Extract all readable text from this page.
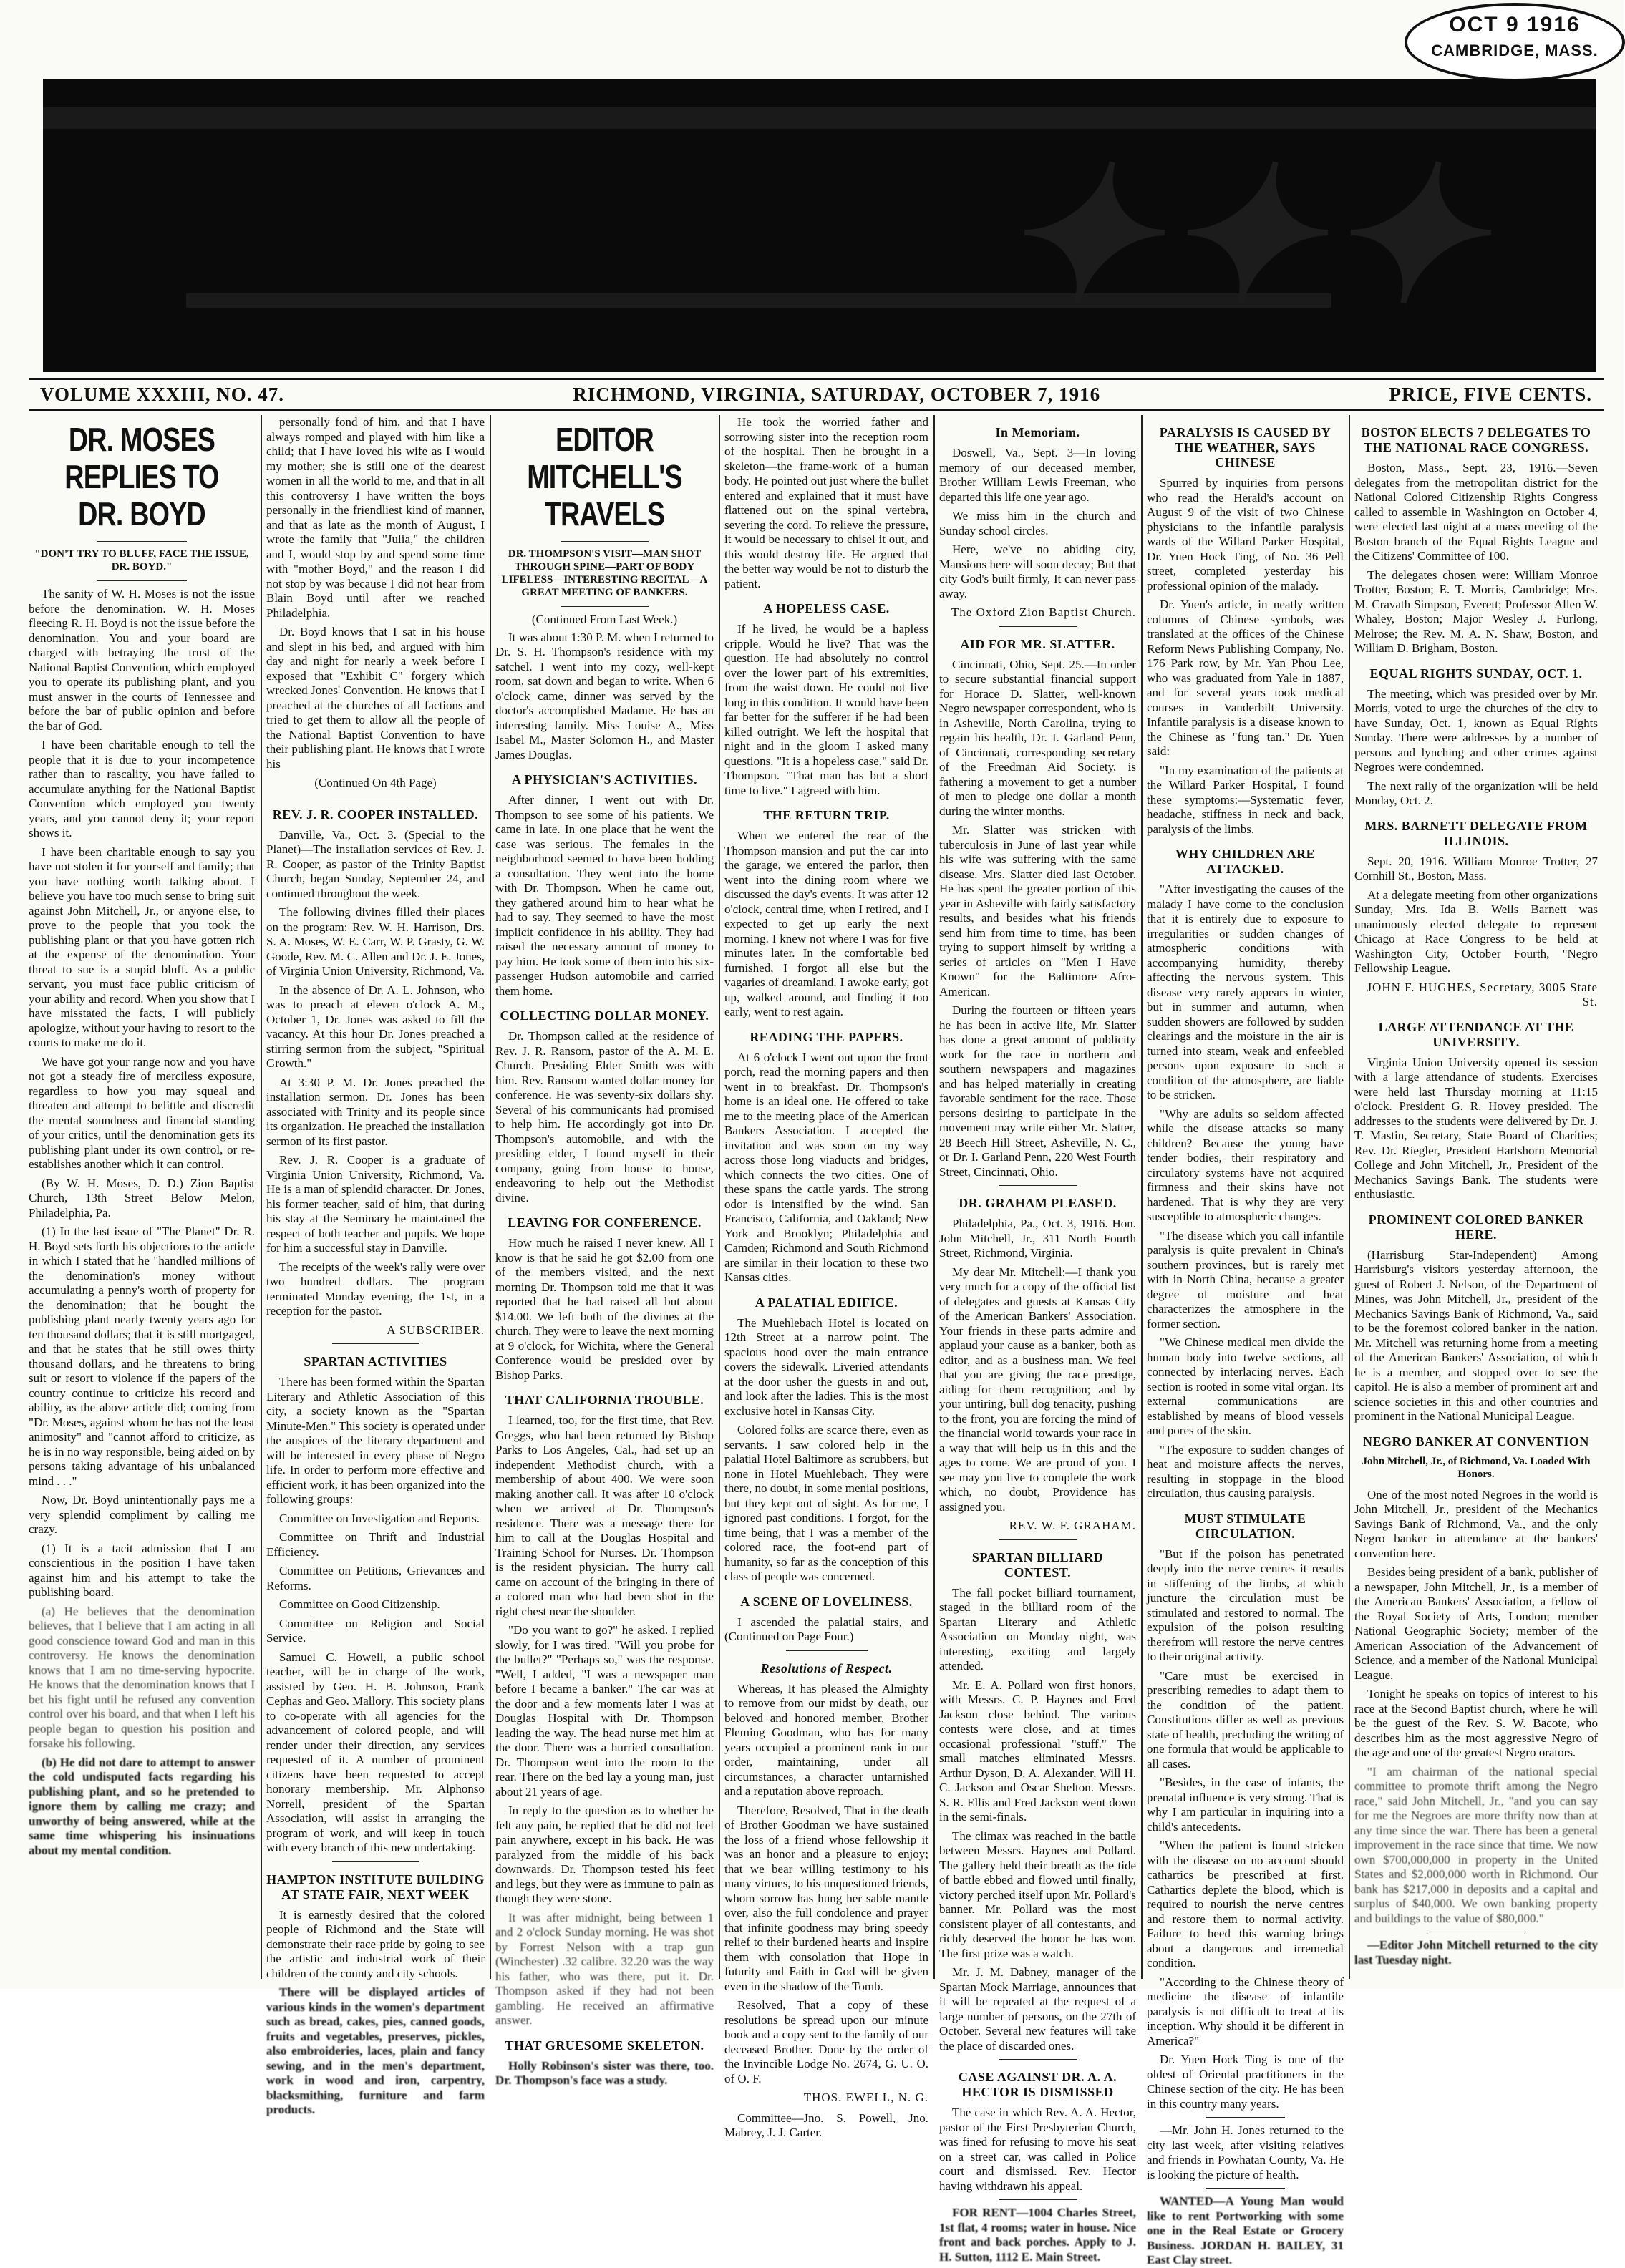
OCT 9 1916
CAMBRIDGE, MASS.
✦✦✦
VOLUME XXXIII, NO. 47.	RICHMOND, VIRGINIA, SATURDAY, OCTOBER 7, 1916	PRICE, FIVE CENTS.
DR. MOSES REPLIES TO DR. BOYD
"DON'T TRY TO BLUFF, FACE THE ISSUE, DR. BOYD."

The sanity of W. H. Moses is not the issue before the denomination. W. H. Moses fleecing R. H. Boyd is not the issue before the denomination. You and your board are charged with betraying the trust of the National Baptist Convention, which employed you to operate its publishing plant, and you must answer in the courts of Tennessee and before the bar of public opinion and before the bar of God.

I have been charitable enough to tell the people that it is due to your incompetence rather than to rascality, you have failed to accumulate anything for the National Baptist Convention which employed you twenty years, and you cannot deny it; your report shows it.

I have been charitable enough to say you have not stolen it for yourself and family; that you have nothing worth talking about. I believe you have too much sense to bring suit against John Mitchell, Jr., or anyone else, to prove to the people that you took the publishing plant or that you have gotten rich at the expense of the denomination. Your threat to sue is a stupid bluff. As a public servant, you must face public criticism of your ability and record. When you show that I have misstated the facts, I will publicly apologize, without your having to resort to the courts to make me do it.

We have got your range now and you have not got a steady fire of merciless exposure, regardless to how you may squeal and threaten and attempt to belittle and discredit the mental soundness and financial standing of your critics, until the denomination gets its publishing plant under its own control, or re-establishes another which it can control.

(By W. H. Moses, D. D.) Zion Baptist Church, 13th Street Below Melon, Philadelphia, Pa.

(1) In the last issue of "The Planet" Dr. R. H. Boyd sets forth his objections to the article in which I stated that he "handled millions of the denomination's money without accumulating a penny's worth of property for the denomination; that he bought the publishing plant nearly twenty years ago for ten thousand dollars; that it is still mortgaged, and that he states that he still owes thirty thousand dollars, and he threatens to bring suit or resort to violence if the papers of the country continue to criticize his record and ability, as the above article did; coming from "Dr. Moses, against whom he has not the least animosity" and "cannot afford to criticize, as he is in no way responsible, being aided on by persons taking advantage of his unbalanced mind . . ."

Now, Dr. Boyd unintentionally pays me a very splendid compliment by calling me crazy.

(1) It is a tacit admission that I am conscientious in the position I have taken against him and his attempt to take the publishing board.

(a) He believes that the denomination believes, that I believe that I am acting in all good conscience toward God and man in this controversy. He knows the denomination knows that I am no time-serving hypocrite. He knows that the denomination knows that I bet his fight until he refused any convention control over his board, and that when I left his people began to question his position and forsake his following.

(b) He did not dare to attempt to answer the cold undisputed facts regarding his publishing plant, and so he pretended to ignore them by calling me crazy; and unworthy of being answered, while at the same time whispering his insinuations about my mental condition.

personally fond of him, and that I have always romped and played with him like a child; that I have loved his wife as I would my mother; she is still one of the dearest women in all the world to me, and that in all this controversy I have written the boys personally in the friendliest kind of manner, and that as late as the month of August, I wrote the family that "Julia," the children and I, would stop by and spend some time with "mother Boyd," and the reason I did not stop by was because I did not hear from Blain Boyd until after we reached Philadelphia.

Dr. Boyd knows that I sat in his house and slept in his bed, and argued with him day and night for nearly a week before I exposed that "Exhibit C" forgery which wrecked Jones' Convention. He knows that I preached at the churches of all factions and tried to get them to allow all the people of the National Baptist Convention to have their publishing plant. He knows that I wrote his

(Continued On 4th Page)
REV. J. R. COOPER INSTALLED.

Danville, Va., Oct. 3. (Special to the Planet)—The installation services of Rev. J. R. Cooper, as pastor of the Trinity Baptist Church, began Sunday, September 24, and continued throughout the week.

The following divines filled their places on the program: Rev. W. H. Harrison, Drs. S. A. Moses, W. E. Carr, W. P. Grasty, G. W. Goode, Rev. M. C. Allen and Dr. J. E. Jones, of Virginia Union University, Richmond, Va.

In the absence of Dr. A. L. Johnson, who was to preach at eleven o'clock A. M., October 1, Dr. Jones was asked to fill the vacancy. At this hour Dr. Jones preached a stirring sermon from the subject, "Spiritual Growth."

At 3:30 P. M. Dr. Jones preached the installation sermon. Dr. Jones has been associated with Trinity and its people since its organization. He preached the installation sermon of its first pastor.

Rev. J. R. Cooper is a graduate of Virginia Union University, Richmond, Va. He is a man of splendid character. Dr. Jones, his former teacher, said of him, that during his stay at the Seminary he maintained the respect of both teacher and pupils. We hope for him a successful stay in Danville.

The receipts of the week's rally were over two hundred dollars. The program terminated Monday evening, the 1st, in a reception for the pastor.

A SUBSCRIBER.
SPARTAN ACTIVITIES

There has been formed within the Spartan Literary and Athletic Association of this city, a society known as the "Spartan Minute-Men." This society is operated under the auspices of the literary department and will be interested in every phase of Negro life. In order to perform more effective and efficient work, it has been organized into the following groups:

Committee on Investigation and Reports.

Committee on Thrift and Industrial Efficiency.

Committee on Petitions, Grievances and Reforms.

Committee on Good Citizenship.

Committee on Religion and Social Service.

Samuel C. Howell, a public school teacher, will be in charge of the work, assisted by Geo. H. B. Johnson, Frank Cephas and Geo. Mallory. This society plans to co-operate with all agencies for the advancement of colored people, and will render under their direction, any services requested of it. A number of prominent citizens have been requested to accept honorary membership. Mr. Alphonso Norrell, president of the Spartan Association, will assist in arranging the program of work, and will keep in touch with every branch of this new undertaking.

HAMPTON INSTITUTE BUILDING AT STATE FAIR, NEXT WEEK

It is earnestly desired that the colored people of Richmond and the State will demonstrate their race pride by going to see the artistic and industrial work of their children of the county and city schools.

There will be displayed articles of various kinds in the women's department such as bread, cakes, pies, canned goods, fruits and vegetables, preserves, pickles, also embroideries, laces, plain and fancy sewing, and in the men's department, work in wood and iron, carpentry, blacksmithing, furniture and farm products.

EDITOR MITCHELL'S TRAVELS
DR. THOMPSON'S VISIT—MAN SHOT THROUGH SPINE—PART OF BODY LIFELESS—INTERESTING RECITAL—A GREAT MEETING OF BANKERS.
(Continued From Last Week.)

It was about 1:30 P. M. when I returned to Dr. S. H. Thompson's residence with my satchel. I went into my cozy, well-kept room, sat down and began to write. When 6 o'clock came, dinner was served by the doctor's accomplished Madame. He has an interesting family. Miss Louise A., Miss Isabel M., Master Solomon H., and Master James Douglas.

A PHYSICIAN'S ACTIVITIES.

After dinner, I went out with Dr. Thompson to see some of his patients. We came in late. In one place that he went the case was serious. The females in the neighborhood seemed to have been holding a consultation. They went into the home with Dr. Thompson. When he came out, they gathered around him to hear what he had to say. They seemed to have the most implicit confidence in his ability. They had raised the necessary amount of money to pay him. He took some of them into his six-passenger Hudson automobile and carried them home.

COLLECTING DOLLAR MONEY.

Dr. Thompson called at the residence of Rev. J. R. Ransom, pastor of the A. M. E. Church. Presiding Elder Smith was with him. Rev. Ransom wanted dollar money for conference. He was seventy-six dollars shy. Several of his communicants had promised to help him. He accordingly got into Dr. Thompson's automobile, and with the presiding elder, I found myself in their company, going from house to house, endeavoring to help out the Methodist divine.

LEAVING FOR CONFERENCE.

How much he raised I never knew. All I know is that he said he got $2.00 from one of the members visited, and the next morning Dr. Thompson told me that it was reported that he had raised all but about $14.00. We left both of the divines at the church. They were to leave the next morning at 9 o'clock, for Wichita, where the General Conference would be presided over by Bishop Parks.

THAT CALIFORNIA TROUBLE.

I learned, too, for the first time, that Rev. Greggs, who had been returned by Bishop Parks to Los Angeles, Cal., had set up an independent Methodist church, with a membership of about 400. We were soon making another call. It was after 10 o'clock when we arrived at Dr. Thompson's residence. There was a message there for him to call at the Douglas Hospital and Training School for Nurses. Dr. Thompson is the resident physician. The hurry call came on account of the bringing in there of a colored man who had been shot in the right chest near the shoulder.

"Do you want to go?" he asked. I replied slowly, for I was tired. "Will you probe for the bullet?" "Perhaps so," was the response. "Well, I added, "I was a newspaper man before I became a banker." The car was at the door and a few moments later I was at Douglas Hospital with Dr. Thompson leading the way. The head nurse met him at the door. There was a hurried consultation. Dr. Thompson went into the room to the rear. There on the bed lay a young man, just about 21 years of age.

In reply to the question as to whether he felt any pain, he replied that he did not feel pain anywhere, except in his back. He was paralyzed from the middle of his back downwards. Dr. Thompson tested his feet and legs, but they were as immune to pain as though they were stone.

It was after midnight, being between 1 and 2 o'clock Sunday morning. He was shot by Forrest Nelson with a trap gun (Winchester) .32 calibre. 32.20 was the way his father, who was there, put it. Dr. Thompson asked if they had not been gambling. He received an affirmative answer.

THAT GRUESOME SKELETON.

Holly Robinson's sister was there, too. Dr. Thompson's face was a study.

He took the worried father and sorrowing sister into the reception room of the hospital. Then he brought in a skeleton—the frame-work of a human body. He pointed out just where the bullet entered and explained that it must have flattened out on the spinal vertebra, severing the cord. To relieve the pressure, it would be necessary to chisel it out, and this would destroy life. He argued that the better way would be not to disturb the patient.

A HOPELESS CASE.

If he lived, he would be a hapless cripple. Would he live? That was the question. He had absolutely no control over the lower part of his extremities, from the waist down. He could not live long in this condition. It would have been far better for the sufferer if he had been killed outright. We left the hospital that night and in the gloom I asked many questions. "It is a hopeless case," said Dr. Thompson. "That man has but a short time to live." I agreed with him.

THE RETURN TRIP.

When we entered the rear of the Thompson mansion and put the car into the garage, we entered the parlor, then went into the dining room where we discussed the day's events. It was after 12 o'clock, central time, when I retired, and I expected to get up early the next morning. I knew not where I was for five minutes later. In the comfortable bed furnished, I forgot all else but the vagaries of dreamland. I awoke early, got up, walked around, and finding it too early, went to rest again.

READING THE PAPERS.

At 6 o'clock I went out upon the front porch, read the morning papers and then went in to breakfast. Dr. Thompson's home is an ideal one. He offered to take me to the meeting place of the American Bankers Association. I accepted the invitation and was soon on my way across those long viaducts and bridges, which connects the two cities. One of these spans the cattle yards. The strong odor is intensified by the wind. San Francisco, California, and Oakland; New York and Brooklyn; Philadelphia and Camden; Richmond and South Richmond are similar in their location to these two Kansas cities.

A PALATIAL EDIFICE.

The Muehlebach Hotel is located on 12th Street at a narrow point. The spacious hood over the main entrance covers the sidewalk. Liveried attendants at the door usher the guests in and out, and look after the ladies. This is the most exclusive hotel in Kansas City.

Colored folks are scarce there, even as servants. I saw colored help in the palatial Hotel Baltimore as scrubbers, but none in Hotel Muehlebach. They were there, no doubt, in some menial positions, but they kept out of sight. As for me, I ignored past conditions. I forgot, for the time being, that I was a member of the colored race, the foot-end part of humanity, so far as the conception of this class of people was concerned.

A SCENE OF LOVELINESS.

I ascended the palatial stairs, and (Continued on Page Four.)

Resolutions of Respect.

Whereas, It has pleased the Almighty to remove from our midst by death, our beloved and honored member, Brother Fleming Goodman, who has for many years occupied a prominent rank in our order, maintaining, under all circumstances, a character untarnished and a reputation above reproach.

Therefore, Resolved, That in the death of Brother Goodman we have sustained the loss of a friend whose fellowship it was an honor and a pleasure to enjoy; that we bear willing testimony to his many virtues, to his unquestioned friends, whom sorrow has hung her sable mantle over, also the full condolence and prayer that infinite goodness may bring speedy relief to their burdened hearts and inspire them with consolation that Hope in futurity and Faith in God will be given even in the shadow of the Tomb.

Resolved, That a copy of these resolutions be spread upon our minute book and a copy sent to the family of our deceased Brother. Done by the order of the Invincible Lodge No. 2674, G. U. O. of O. F.

THOS. EWELL, N. G.

Committee—Jno. S. Powell, Jno. Mabrey, J. J. Carter.

In Memoriam.

Doswell, Va., Sept. 3—In loving memory of our deceased member, Brother William Lewis Freeman, who departed this life one year ago.

We miss him in the church and Sunday school circles.

Here, we've no abiding city, Mansions here will soon decay; But that city God's built firmly, It can never pass away.

The Oxford Zion Baptist Church.
AID FOR MR. SLATTER.

Cincinnati, Ohio, Sept. 25.—In order to secure substantial financial support for Horace D. Slatter, well-known Negro newspaper correspondent, who is in Asheville, North Carolina, trying to regain his health, Dr. I. Garland Penn, of Cincinnati, corresponding secretary of the Freedman Aid Society, is fathering a movement to get a number of men to pledge one dollar a month during the winter months.

Mr. Slatter was stricken with tuberculosis in June of last year while his wife was suffering with the same disease. Mrs. Slatter died last October. He has spent the greater portion of this year in Asheville with fairly satisfactory results, and besides what his friends send him from time to time, has been trying to support himself by writing a series of articles on "Men I Have Known" for the Baltimore Afro-American.

During the fourteen or fifteen years he has been in active life, Mr. Slatter has done a great amount of publicity work for the race in northern and southern newspapers and magazines and has helped materially in creating favorable sentiment for the race. Those persons desiring to participate in the movement may write either Mr. Slatter, 28 Beech Hill Street, Asheville, N. C., or Dr. I. Garland Penn, 220 West Fourth Street, Cincinnati, Ohio.

DR. GRAHAM PLEASED.

Philadelphia, Pa., Oct. 3, 1916. Hon. John Mitchell, Jr., 311 North Fourth Street, Richmond, Virginia.

My dear Mr. Mitchell:—I thank you very much for a copy of the official list of delegates and guests at Kansas City of the American Bankers' Association. Your friends in these parts admire and applaud your cause as a banker, both as editor, and as a business man. We feel that you are giving the race prestige, aiding for them recognition; and by your untiring, bull dog tenacity, pushing to the front, you are forcing the mind of the financial world towards your race in a way that will help us in this and the ages to come. We are proud of you. I see may you live to complete the work which, no doubt, Providence has assigned you.

REV. W. F. GRAHAM.
SPARTAN BILLIARD CONTEST.

The fall pocket billiard tournament, staged in the billiard room of the Spartan Literary and Athletic Association on Monday night, was interesting, exciting and largely attended.

Mr. E. A. Pollard won first honors, with Messrs. C. P. Haynes and Fred Jackson close behind. The various contests were close, and at times occasional professional "stuff." The small matches eliminated Messrs. Arthur Dyson, D. A. Alexander, Will H. C. Jackson and Oscar Shelton. Messrs. S. R. Ellis and Fred Jackson went down in the semi-finals.

The climax was reached in the battle between Messrs. Haynes and Pollard. The gallery held their breath as the tide of battle ebbed and flowed until finally, victory perched itself upon Mr. Pollard's banner. Mr. Pollard was the most consistent player of all contestants, and richly deserved the honor he has won. The first prize was a watch.

Mr. J. M. Dabney, manager of the Spartan Mock Marriage, announces that it will be repeated at the request of a large number of persons, on the 27th of October. Several new features will take the place of discarded ones.

CASE AGAINST DR. A. A. HECTOR IS DISMISSED

The case in which Rev. A. A. Hector, pastor of the First Presbyterian Church, was fined for refusing to move his seat on a street car, was called in Police court and dismissed. Rev. Hector having withdrawn his appeal.

FOR RENT—1004 Charles Street, 1st flat, 4 rooms; water in house. Nice front and back porches. Apply to J. H. Sutton, 1112 E. Main Street.

PARALYSIS IS CAUSED BY THE WEATHER, SAYS CHINESE

Spurred by inquiries from persons who read the Herald's account on August 9 of the visit of two Chinese physicians to the infantile paralysis wards of the Willard Parker Hospital, Dr. Yuen Hock Ting, of No. 36 Pell street, completed yesterday his professional opinion of the malady.

Dr. Yuen's article, in neatly written columns of Chinese symbols, was translated at the offices of the Chinese Reform News Publishing Company, No. 176 Park row, by Mr. Yan Phou Lee, who was graduated from Yale in 1887, and for several years took medical courses in Vanderbilt University. Infantile paralysis is a disease known to the Chinese as "fung tan." Dr. Yuen said:

"In my examination of the patients at the Willard Parker Hospital, I found these symptoms:—Systematic fever, headache, stiffness in neck and back, paralysis of the limbs.

WHY CHILDREN ARE ATTACKED.

"After investigating the causes of the malady I have come to the conclusion that it is entirely due to exposure to irregularities or sudden changes of atmospheric conditions with accompanying humidity, thereby affecting the nervous system. This disease very rarely appears in winter, but in summer and autumn, when sudden showers are followed by sudden clearings and the moisture in the air is turned into steam, weak and enfeebled persons upon exposure to such a condition of the atmosphere, are liable to be stricken.

"Why are adults so seldom affected while the disease attacks so many children? Because the young have tender bodies, their respiratory and circulatory systems have not acquired firmness and their skins have not hardened. That is why they are very susceptible to atmospheric changes.

"The disease which you call infantile paralysis is quite prevalent in China's southern provinces, but is rarely met with in North China, because a greater degree of moisture and heat characterizes the atmosphere in the former section.

"We Chinese medical men divide the human body into twelve sections, all connected by interlacing nerves. Each section is rooted in some vital organ. Its external communications are established by means of blood vessels and pores of the skin.

"The exposure to sudden changes of heat and moisture affects the nerves, resulting in stoppage in the blood circulation, thus causing paralysis.

MUST STIMULATE CIRCULATION.

"But if the poison has penetrated deeply into the nerve centres it results in stiffening of the limbs, at which juncture the circulation must be stimulated and restored to normal. The expulsion of the poison resulting therefrom will restore the nerve centres to their original activity.

"Care must be exercised in prescribing remedies to adapt them to the condition of the patient. Constitutions differ as well as previous state of health, precluding the writing of one formula that would be applicable to all cases.

"Besides, in the case of infants, the prenatal influence is very strong. That is why I am particular in inquiring into a child's antecedents.

"When the patient is found stricken with the disease on no account should cathartics be prescribed at first. Cathartics deplete the blood, which is required to nourish the nerve centres and restore them to normal activity. Failure to heed this warning brings about a dangerous and irremedial condition.

"According to the Chinese theory of medicine the disease of infantile paralysis is not difficult to treat at its inception. Why should it be different in America?"

Dr. Yuen Hock Ting is one of the oldest of Oriental practitioners in the Chinese section of the city. He has been in this country many years.

—Mr. John H. Jones returned to the city last week, after visiting relatives and friends in Powhatan County, Va. He is looking the picture of health.

WANTED—A Young Man would like to rent Portworking with some one in the Real Estate or Grocery Business. JORDAN H. BAILEY, 31 East Clay street.

BOSTON ELECTS 7 DELEGATES TO THE NATIONAL RACE CONGRESS.

Boston, Mass., Sept. 23, 1916.—Seven delegates from the metropolitan district for the National Colored Citizenship Rights Congress called to assemble in Washington on October 4, were elected last night at a mass meeting of the Boston branch of the Equal Rights League and the Citizens' Committee of 100.

The delegates chosen were: William Monroe Trotter, Boston; E. T. Morris, Cambridge; Mrs. M. Cravath Simpson, Everett; Professor Allen W. Whaley, Boston; Major Wesley J. Furlong, Melrose; the Rev. M. A. N. Shaw, Boston, and William D. Brigham, Boston.

EQUAL RIGHTS SUNDAY, OCT. 1.

The meeting, which was presided over by Mr. Morris, voted to urge the churches of the city to have Sunday, Oct. 1, known as Equal Rights Sunday. There were addresses by a number of persons and lynching and other crimes against Negroes were condemned.

The next rally of the organization will be held Monday, Oct. 2.

MRS. BARNETT DELEGATE FROM ILLINOIS.

Sept. 20, 1916. William Monroe Trotter, 27 Cornhill St., Boston, Mass.

At a delegate meeting from other organizations Sunday, Mrs. Ida B. Wells Barnett was unanimously elected delegate to represent Chicago at Race Congress to be held at Washington City, October Fourth, "Negro Fellowship League.

JOHN F. HUGHES, Secretary, 3005 State St.
LARGE ATTENDANCE AT THE UNIVERSITY.

Virginia Union University opened its session with a large attendance of students. Exercises were held last Thursday morning at 11:15 o'clock. President G. R. Hovey presided. The addresses to the students were delivered by Dr. J. T. Mastin, Secretary, State Board of Charities; Rev. Dr. Riegler, President Hartshorn Memorial College and John Mitchell, Jr., President of the Mechanics Savings Bank. The students were enthusiastic.

PROMINENT COLORED BANKER HERE.

(Harrisburg Star-Independent) Among Harrisburg's visitors yesterday afternoon, the guest of Robert J. Nelson, of the Department of Mines, was John Mitchell, Jr., president of the Mechanics Savings Bank of Richmond, Va., said to be the foremost colored banker in the nation. Mr. Mitchell was returning home from a meeting of the American Bankers' Association, of which he is a member, and stopped over to see the capitol. He is also a member of prominent art and science societies in this and other countries and prominent in the National Municipal League.

NEGRO BANKER AT CONVENTION
John Mitchell, Jr., of Richmond, Va. Loaded With Honors.

One of the most noted Negroes in the world is John Mitchell, Jr., president of the Mechanics Savings Bank of Richmond, Va., and the only Negro banker in attendance at the bankers' convention here.

Besides being president of a bank, publisher of a newspaper, John Mitchell, Jr., is a member of the American Bankers' Association, a fellow of the Royal Society of Arts, London; member National Geographic Society; member of the American Association of the Advancement of Science, and a member of the National Municipal League.

Tonight he speaks on topics of interest to his race at the Second Baptist church, where he will be the guest of the Rev. S. W. Bacote, who describes him as the most aggressive Negro of the age and one of the greatest Negro orators.

"I am chairman of the national special committee to promote thrift among the Negro race," said John Mitchell, Jr., "and you can say for me the Negroes are more thrifty now than at any time since the war. There has been a general improvement in the race since that time. We now own $700,000,000 in property in the United States and $2,000,000 worth in Richmond. Our bank has $217,000 in deposits and a capital and surplus of $40,000. We own banking property and buildings to the value of $80,000."

—Editor John Mitchell returned to the city last Tuesday night.
